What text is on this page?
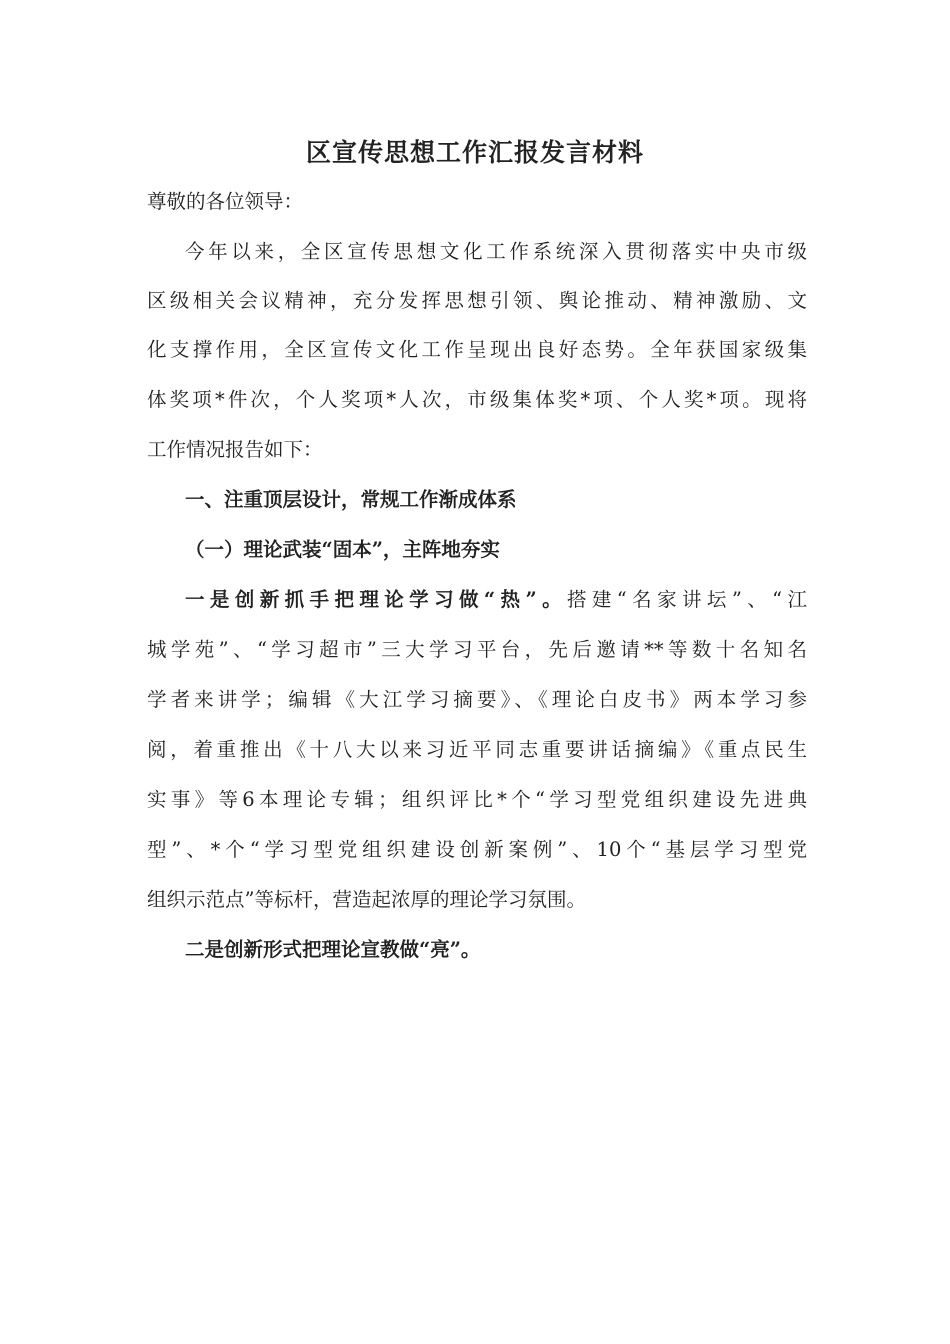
区宣传思想工作汇报发言材料

尊敬的各位领导：

今年以来，全区宣传思想文化工作系统深入贯彻落实中央市级

区级相关会议精神，充分发挥思想引领、舆论推动、精神激励、文

化支撑作用，全区宣传文化工作呈现出良好态势。全年获国家级集

体奖项*件次，个人奖项*人次，市级集体奖*项、个人奖*项。现将

工作情况报告如下：

一、注重顶层设计，常规工作渐成体系

（一）理论武装“固本”，主阵地夯实

一是创新抓手把理论学习做“热”。搭建“名家讲坛”、“江

城学苑”、“学习超市”三大学习平台，先后邀请**等数十名知名

学者来讲学；编辑《大江学习摘要》、《理论白皮书》两本学习参

阅，着重推出《十八大以来习近平同志重要讲话摘编》《重点民生

实事》等6本理论专辑；组织评比*个“学习型党组织建设先进典

型”、*个“学习型党组织建设创新案例”、10个“基层学习型党

组织示范点”等标杆，营造起浓厚的理论学习氛围。

二是创新形式把理论宣教做“亮”。
